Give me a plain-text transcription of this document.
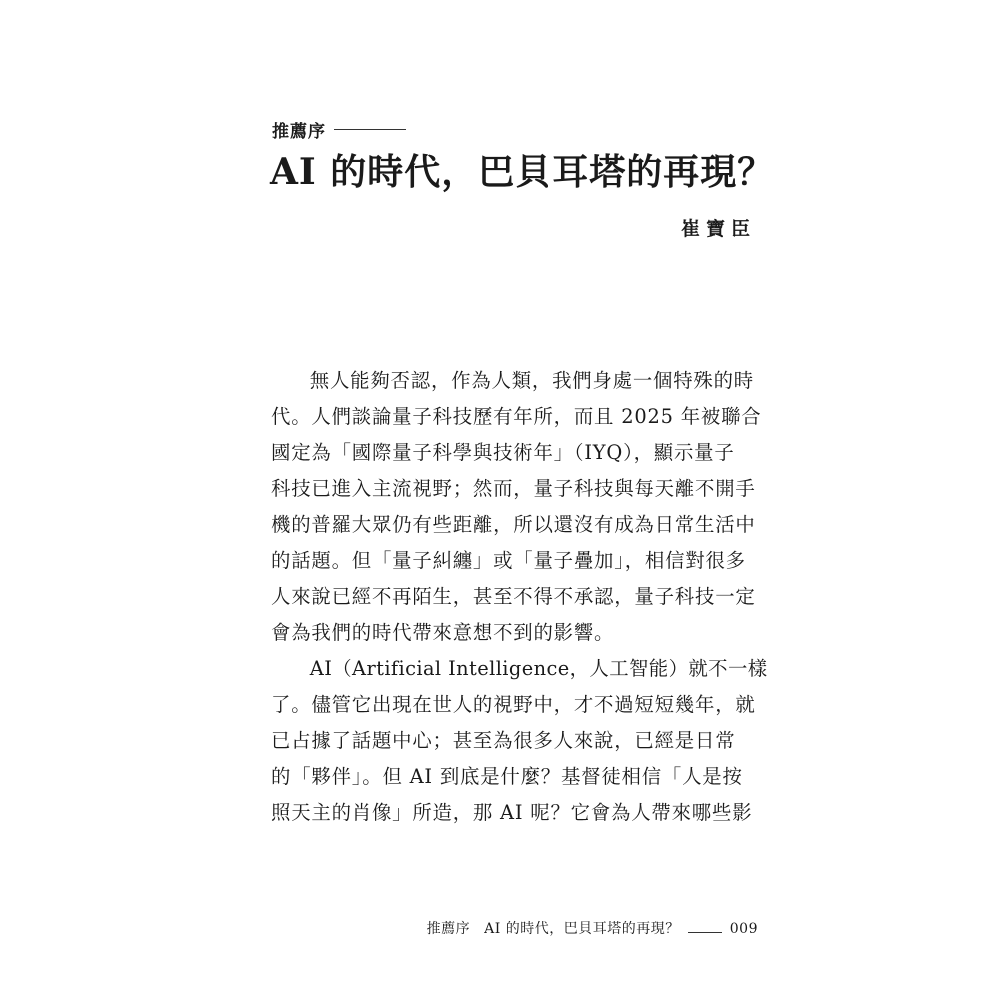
推薦序
AI 的時代，巴貝耳塔的再現？
崔寶臣

無人能夠否認，作為人類，我們身處一個特殊的時
代。人們談論量子科技歷有年所，而且 2025 年被聯合
國定為「國際量子科學與技術年」（IYQ），顯示量子
科技已進入主流視野；然而，量子科技與每天離不開手
機的普羅大眾仍有些距離，所以還沒有成為日常生活中
的話題。但「量子糾纏」或「量子疊加」，相信對很多
人來說已經不再陌生，甚至不得不承認，量子科技一定
會為我們的時代帶來意想不到的影響。

AI（Artificial Intelligence，人工智能）就不一樣
了。儘管它出現在世人的視野中，才不過短短幾年，就
已占據了話題中心；甚至為很多人來說，已經是日常
的「夥伴」。但 AI 到底是什麼？基督徒相信「人是按
照天主的肖像」所造，那 AI 呢？它會為人帶來哪些影

推薦序 AI 的時代，巴貝耳塔的再現？	009
